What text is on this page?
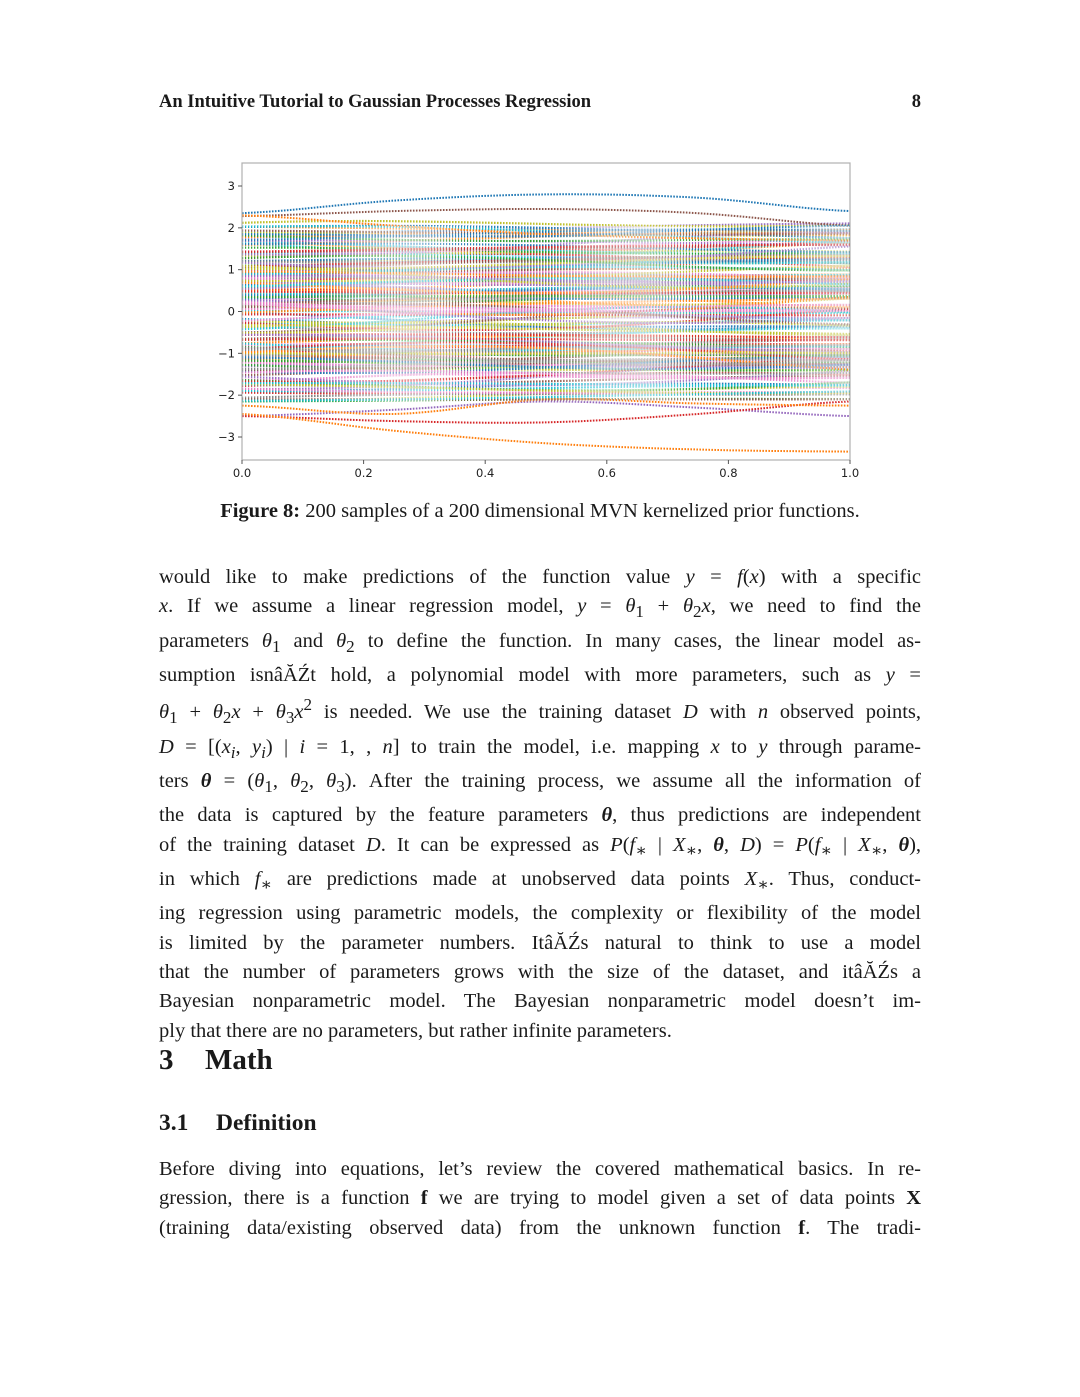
An Intuitive Tutorial to Gaussian Processes Regression	8
3
2
1
0
−1
−2
−3
0.0	0.2	0.4	0.6	0.8	1.0
Figure 8: 200 samples of a 200 dimensional MVN kernelized prior functions.
would like to make predictions of the function value y = f(x) with a specific
x. If we assume a linear regression model, $y = \theta_1 + \theta_2x$, we need to find the
parameters $\theta_1$ and $\theta_2$ to define the function. In many cases, the linear model as-
sumption isnâĂŹt hold, a polynomial model with more parameters, such as y =
$\theta_1 + \theta_2x + \theta_3x^2$ is needed. We use the training dataset D with n observed points,
$D = [(x_i$, $y_i$) | i = 1, , n] to train the model, i.e. mapping x to y through parame-
ters $\theta = (\theta_1$, $\theta_2$, $\theta_3$). After the training process, we assume all the information of
the data is captured by the feature parameters θ, thus predictions are independent
of the training dataset D. It can be expressed as $P(f_∗$ | $X_∗$, θ, $D) = P(f_∗$ | $X_∗$, θ),
in which $f_∗$ are predictions made at unobserved data points $X_∗$. Thus, conduct-
ing regression using parametric models, the complexity or flexibility of the model
is limited by the parameter numbers. ItâĂŹs natural to think to use a model
that the number of parameters grows with the size of the dataset, and itâĂŹs a
Bayesian nonparametric model. The Bayesian nonparametric model doesn’t im-
ply that there are no parameters, but rather infinite parameters.
3 Math
3.1 Definition
Before diving into equations, let’s review the covered mathematical basics. In re-
gression, there is a function f we are trying to model given a set of data points X
(training data/existing observed data) from the unknown function f. The tradi-
